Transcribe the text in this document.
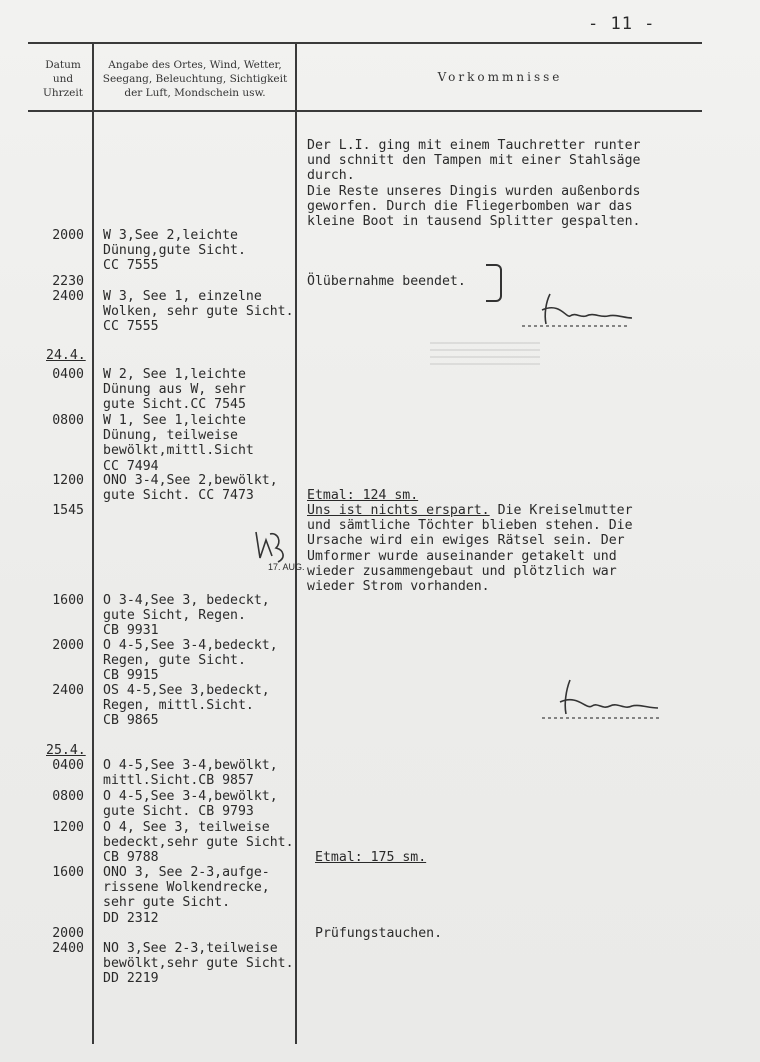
- 11 -
Datum und Uhrzeit
Angabe des Ortes, Wind, Wetter, Seegang, Beleuchtung, Sichtigkeit der Luft, Mondschein usw.
Vorkommnisse
24.4.
25.4.
2000
2230
2400
0400
0800
1200
1545
1600
2000
2400
0400
0800
1200
1600
2000
2400
W 3,See 2,leichte
Dünung,gute Sicht.
CC 7555
W 3, See 1, einzelne
Wolken, sehr gute Sicht.
CC 7555
W 2, See 1,leichte
Dünung aus W, sehr
gute Sicht.CC 7545
W 1, See 1,leichte
Dünung, teilweise
bewölkt,mittl.Sicht
CC 7494
ONO 3-4,See 2,bewölkt,
gute Sicht. CC 7473
O 3-4,See 3, bedeckt,
gute Sicht, Regen.
CB 9931
O 4-5,See 3-4,bedeckt,
Regen, gute Sicht.
CB 9915
OS 4-5,See 3,bedeckt,
Regen, mittl.Sicht.
CB 9865
O 4-5,See 3-4,bewölkt,
mittl.Sicht.CB 9857
O 4-5,See 3-4,bewölkt,
gute Sicht. CB 9793
O 4, See 3, teilweise
bedeckt,sehr gute Sicht.
CB 9788
ONO 3, See 2-3,aufge-
rissene Wolkendrecke,
sehr gute Sicht.
DD 2312
NO 3,See 2-3,teilweise
bewölkt,sehr gute Sicht.
DD 2219
Der L.I. ging mit einem Tauchretter runter
und schnitt den Tampen mit einer Stahlsäge
durch.
Die Reste unseres Dingis wurden außenbords
geworfen. Durch die Fliegerbomben war das
kleine Boot in tausend Splitter gespalten.
Ölübernahme beendet.
Etmal: 124 sm.
Uns ist nichts erspart. Die Kreiselmutter
und sämtliche Töchter blieben stehen. Die
Ursache wird ein ewiges Rätsel sein. Der
Umformer wurde auseinander getakelt und
wieder zusammengebaut und plötzlich war
wieder Strom vorhanden.
Etmal: 175 sm.
Prüfungstauchen.
17. AUG.
